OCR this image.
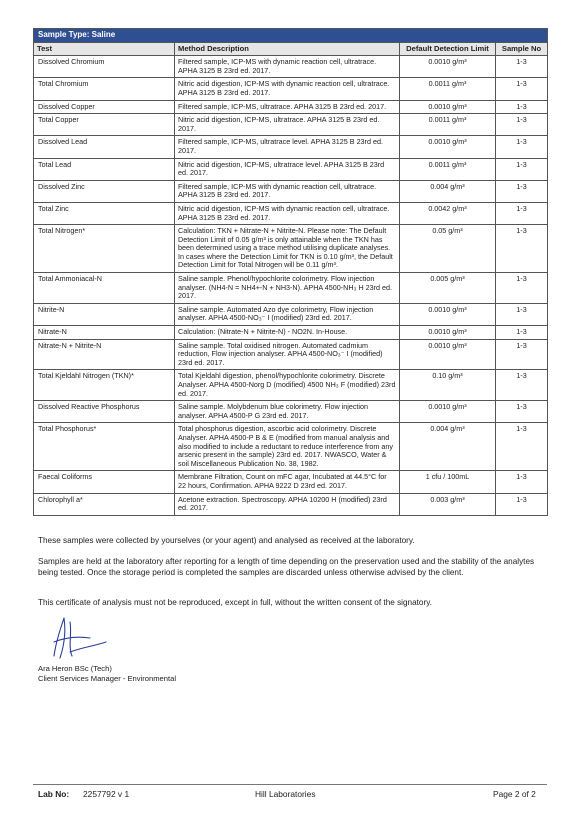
Sample Type: Saline			
Test	Method Description	Default Detection Limit	Sample No
Dissolved Chromium	Filtered sample, ICP-MS with dynamic reaction cell, ultratrace. APHA 3125 B 23rd ed. 2017.	0.0010 g/m³	1-3
Total Chromium	Nitric acid digestion, ICP-MS with dynamic reaction cell, ultratrace. APHA 3125 B 23rd ed. 2017.	0.0011 g/m³	1-3
Dissolved Copper	Filtered sample, ICP-MS, ultratrace. APHA 3125 B 23rd ed. 2017.	0.0010 g/m³	1-3
Total Copper	Nitric acid digestion, ICP-MS, ultratrace. APHA 3125 B 23rd ed. 2017.	0.0011 g/m³	1-3
Dissolved Lead	Filtered sample, ICP-MS, ultratrace level. APHA 3125 B 23rd ed. 2017.	0.0010 g/m³	1-3
Total Lead	Nitric acid digestion, ICP-MS, ultratrace level. APHA 3125 B 23rd ed. 2017.	0.0011 g/m³	1-3
Dissolved Zinc	Filtered sample, ICP-MS with dynamic reaction cell, ultratrace. APHA 3125 B 23rd ed. 2017.	0.004 g/m³	1-3
Total Zinc	Nitric acid digestion, ICP-MS with dynamic reaction cell, ultratrace. APHA 3125 B 23rd ed. 2017.	0.0042 g/m³	1-3
Total Nitrogen*	Calculation: TKN + Nitrate-N + Nitrite-N. Please note: The Default Detection Limit of 0.05 g/m³ is only attainable when the TKN has been determined using a trace method utilising duplicate analyses. In cases where the Detection Limit for TKN is 0.10 g/m³, the Default Detection Limit for Total Nitrogen will be 0.11 g/m³.	0.05 g/m³	1-3
Total Ammoniacal-N	Saline sample. Phenol/hypochlorite colorimetry. Flow injection analyser. (NH4-N = NH4+-N + NH3-N). APHA 4500-NH₃ H 23rd ed. 2017.	0.005 g/m³	1-3
Nitrite-N	Saline sample. Automated Azo dye colorimetry, Flow injection analyser. APHA 4500-NO₃⁻ I (modified) 23rd ed. 2017.	0.0010 g/m³	1-3
Nitrate-N	Calculation: (Nitrate-N + Nitrite-N) - NO2N. In-House.	0.0010 g/m³	1-3
Nitrate-N + Nitrite-N	Saline sample. Total oxidised nitrogen. Automated cadmium reduction, Flow injection analyser. APHA 4500-NO₃⁻ I (modified) 23rd ed. 2017.	0.0010 g/m³	1-3
Total Kjeldahl Nitrogen (TKN)*	Total Kjeldahl digestion, phenol/hypochlorite colorimetry. Discrete Analyser. APHA 4500-Norg D (modified) 4500 NH₃ F (modified) 23rd ed. 2017.	0.10 g/m³	1-3
Dissolved Reactive Phosphorus	Saline sample. Molybdenum blue colorimetry. Flow injection analyser. APHA 4500-P G 23rd ed. 2017.	0.0010 g/m³	1-3
Total Phosphorus*	Total phosphorus digestion, ascorbic acid colorimetry. Discrete Analyser. APHA 4500-P B & E (modified from manual analysis and also modified to include a reductant to reduce interference from any arsenic present in the sample) 23rd ed. 2017. NWASCO, Water & soil Miscellaneous Publication No. 38, 1982.	0.004 g/m³	1-3
Faecal Coliforms	Membrane Filtration, Count on mFC agar, Incubated at 44.5°C for 22 hours, Confirmation. APHA 9222 D 23rd ed. 2017.	1 cfu / 100mL	1-3
Chlorophyll a*	Acetone extraction. Spectroscopy. APHA 10200 H (modified) 23rd ed. 2017.	0.003 g/m³	1-3
These samples were collected by yourselves (or your agent) and analysed as received at the laboratory.
Samples are held at the laboratory after reporting for a length of time depending on the preservation used and the stability of the analytes being tested. Once the storage period is completed the samples are discarded unless otherwise advised by the client.
This certificate of analysis must not be reproduced, except in full, without the written consent of the signatory.
Ara Heron BSc (Tech)
Client Services Manager - Environmental
Lab No: 2257792 v 1	Hill Laboratories	Page 2 of 2
